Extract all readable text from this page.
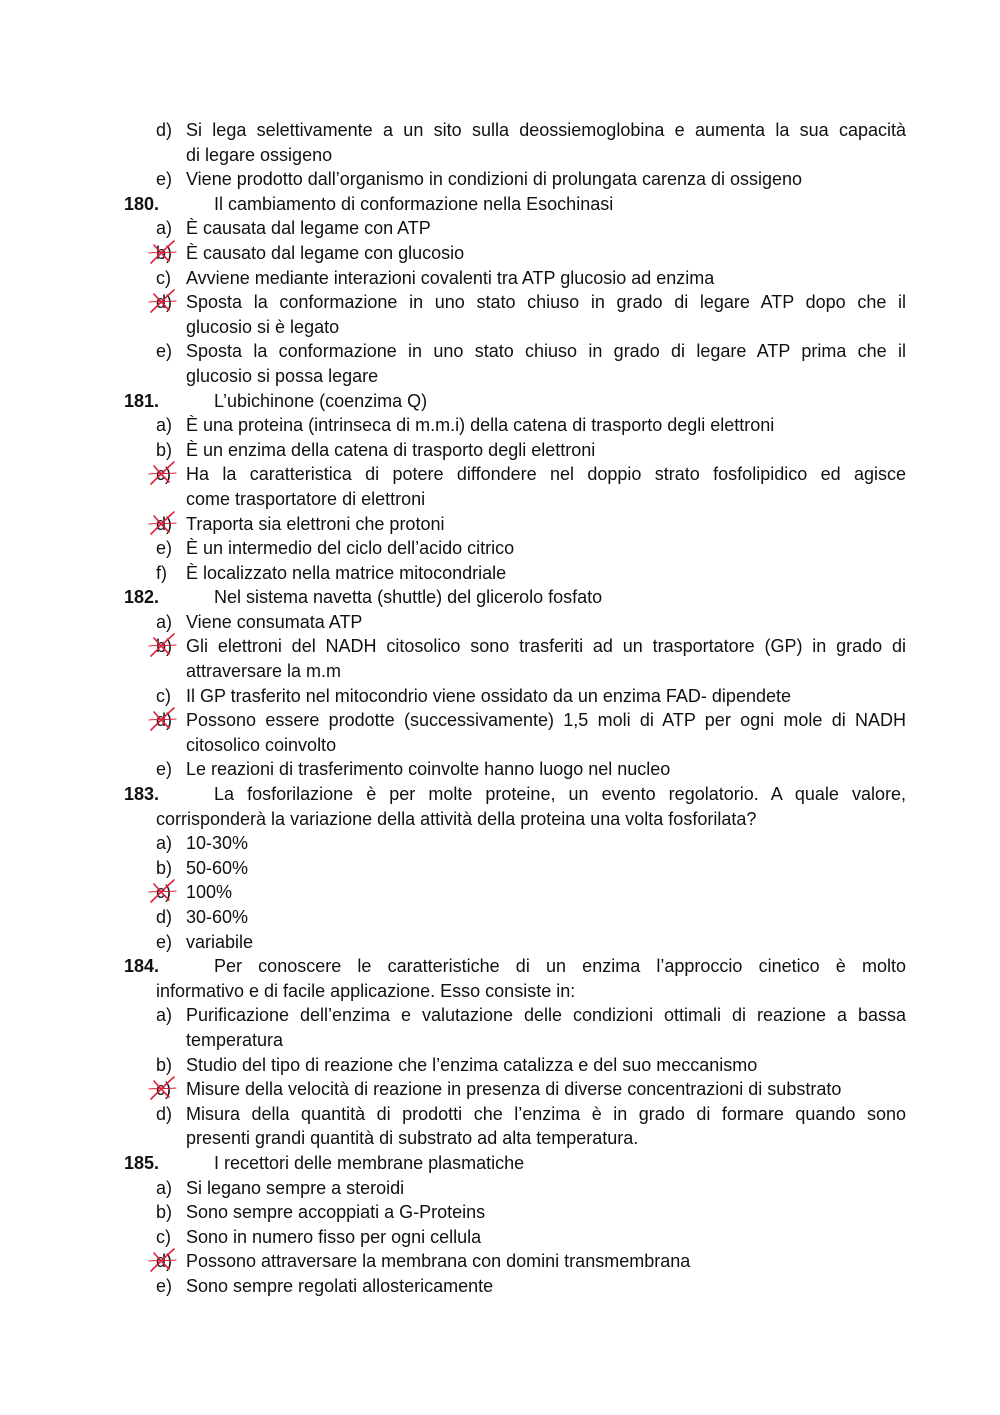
d) Si lega selettivamente a un sito sulla deossiemoglobina e aumenta la sua capacità
di legare ossigeno
e) Viene prodotto dall’organismo in condizioni di prolungata carenza di ossigeno
180.	Il cambiamento di conformazione nella Esochinasi
a) È causata dal legame con ATP
b) È causato dal legame con glucosio
c) Avviene mediante interazioni covalenti tra ATP glucosio ad enzima
d) Sposta la conformazione in uno stato chiuso in grado di legare ATP dopo che il
glucosio si è legato
e) Sposta la conformazione in uno stato chiuso in grado di legare ATP prima che il
glucosio si possa legare
181.	L’ubichinone (coenzima Q)
a) È una proteina (intrinseca di m.m.i) della catena di trasporto degli elettroni
b) È un enzima della catena di trasporto degli elettroni
c) Ha la caratteristica di potere diffondere nel doppio strato fosfolipidico ed agisce
come trasportatore di elettroni
d) Traporta sia elettroni che protoni
e) È un intermedio del ciclo dell’acido citrico
f)	È localizzato nella matrice mitocondriale
182.	Nel sistema navetta (shuttle) del glicerolo fosfato
a) Viene consumata ATP
b) Gli elettroni del NADH citosolico sono trasferiti ad un trasportatore (GP) in grado di
attraversare la m.m
c) Il GP trasferito nel mitocondrio viene ossidato da un enzima FAD- dipendete
d) Possono essere prodotte (successivamente) 1,5 moli di ATP per ogni mole di NADH
citosolico coinvolto
e) Le reazioni di trasferimento coinvolte hanno luogo nel nucleo
183.	La fosforilazione è per molte proteine, un evento regolatorio. A quale valore,
corrisponderà la variazione della attività della proteina una volta fosforilata?
a) 10-30%
b) 50-60%
c) 100%
d) 30-60%
e) variabile
184.	Per conoscere le caratteristiche di un enzima l’approccio cinetico è molto
informativo e di facile applicazione. Esso consiste in:
a) Purificazione dell’enzima e valutazione delle condizioni ottimali di reazione a bassa
temperatura
b) Studio del tipo di reazione che l’enzima catalizza e del suo meccanismo
c) Misure della velocità di reazione in presenza di diverse concentrazioni di substrato
d) Misura della quantità di prodotti che l’enzima è in grado di formare quando sono
presenti grandi quantità di substrato ad alta temperatura.
185.	I recettori delle membrane plasmatiche
a) Si legano sempre a steroidi
b) Sono sempre accoppiati a G-Proteins
c) Sono in numero fisso per ogni cellula
d) Possono attraversare la membrana con domini transmembrana
e) Sono sempre regolati allostericamente
